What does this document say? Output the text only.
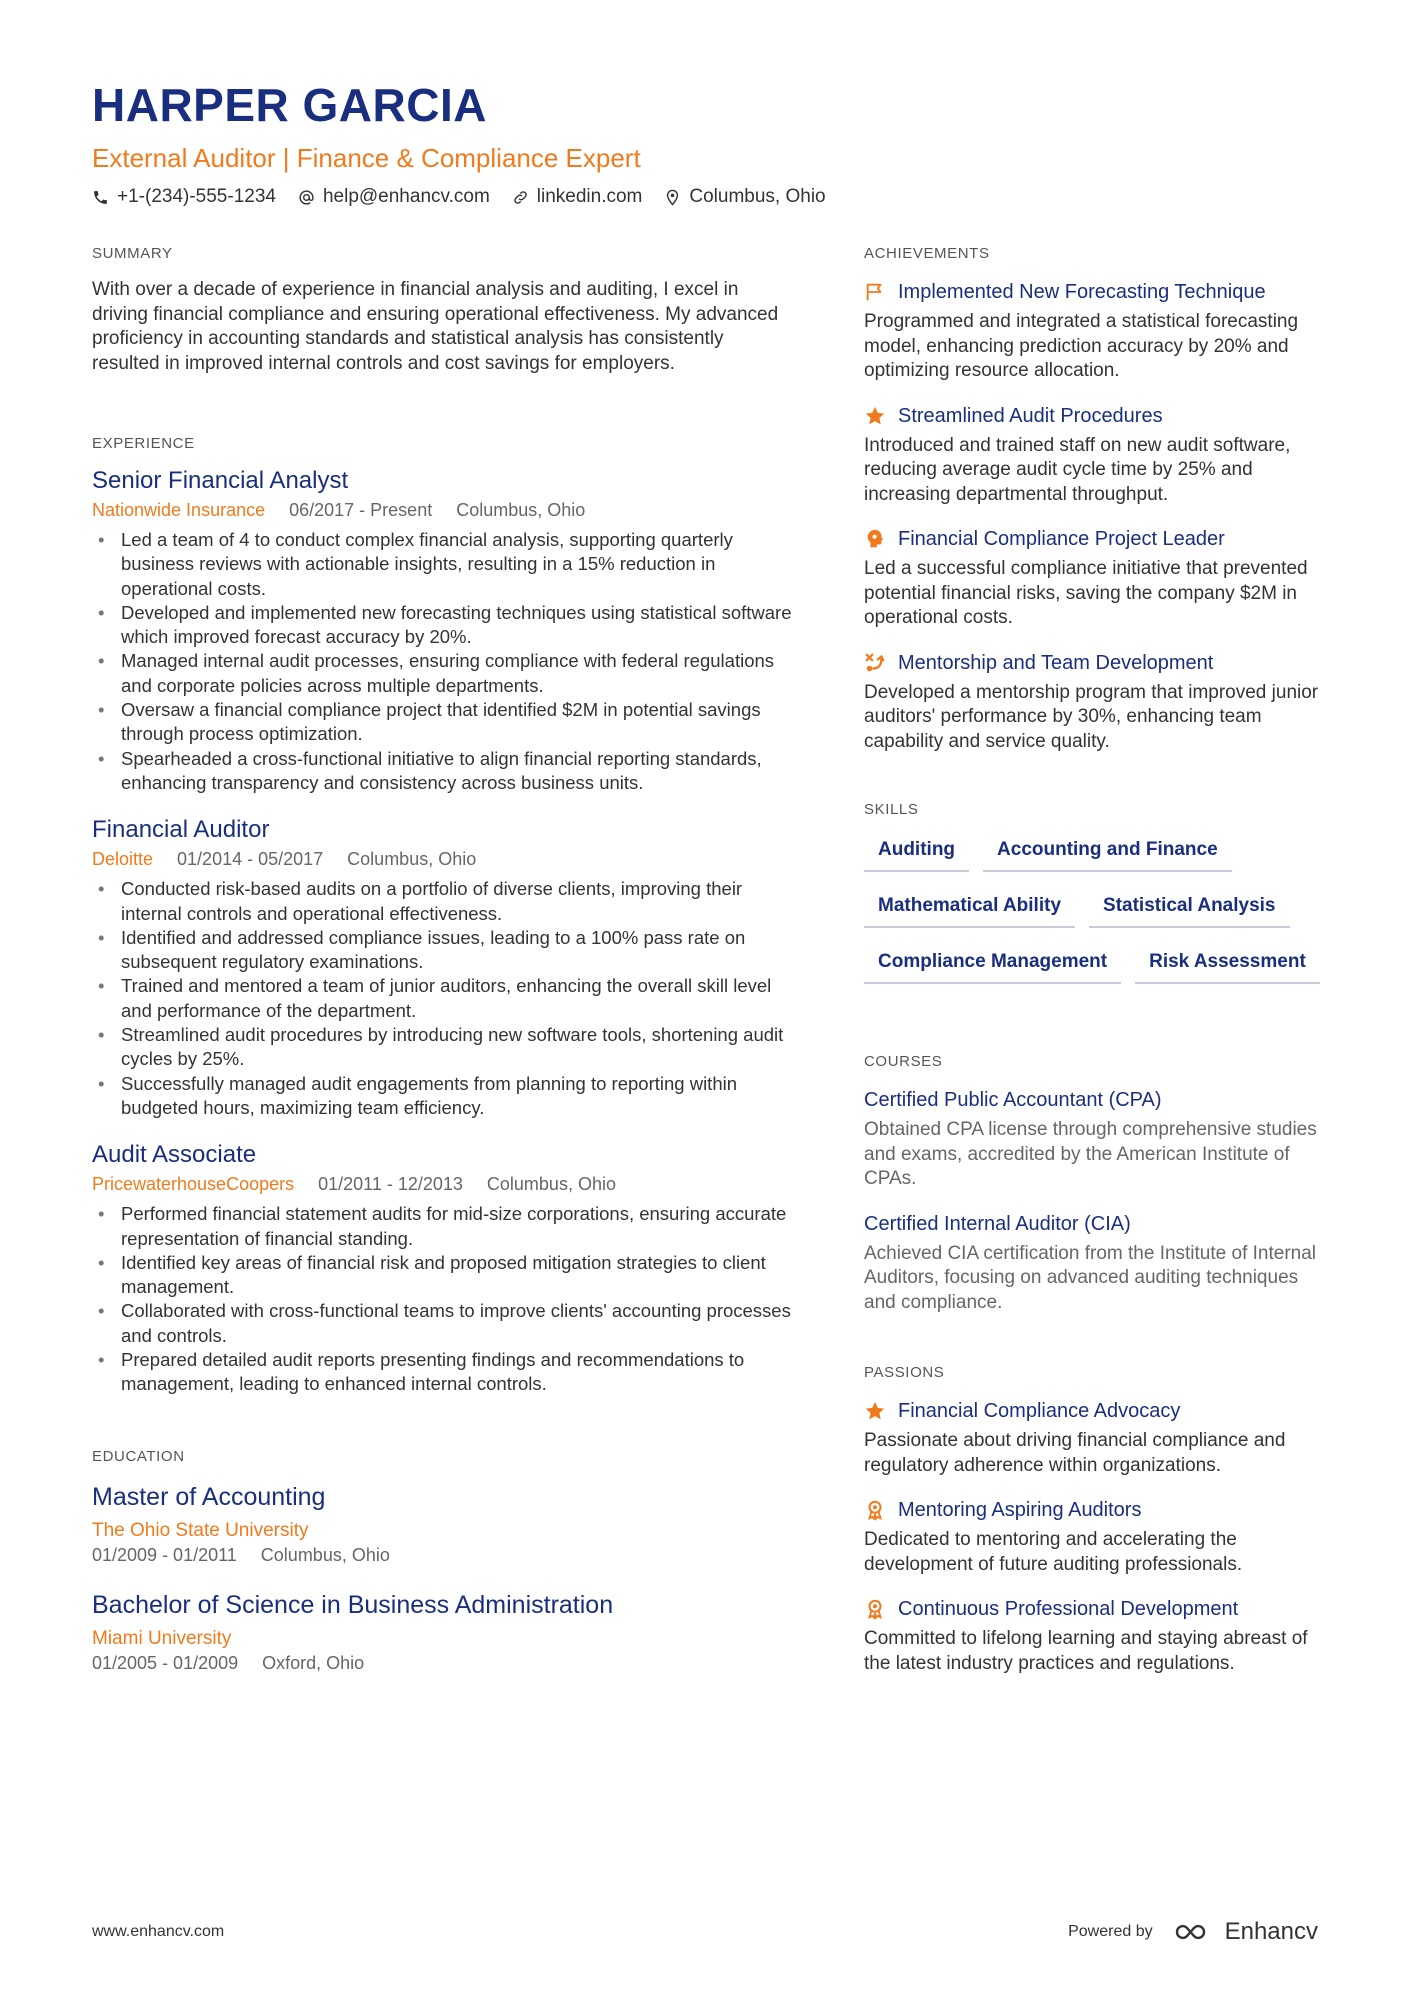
HARPER GARCIA
External Auditor | Finance & Compliance Expert
+1-(234)-555-1234 help@enhancv.com linkedin.com Columbus, Ohio
SUMMARY

With over a decade of experience in financial analysis and auditing, I excel in driving financial compliance and ensuring operational effectiveness. My advanced proficiency in accounting standards and statistical analysis has consistently resulted in improved internal controls and cost savings for employers.

EXPERIENCE
Senior Financial Analyst
Nationwide Insurance 06/2017 - Present Columbus, Ohio
• Led a team of 4 to conduct complex financial analysis, supporting quarterly business reviews with actionable insights, resulting in a 15% reduction in operational costs.
• Developed and implemented new forecasting techniques using statistical software which improved forecast accuracy by 20%.
• Managed internal audit processes, ensuring compliance with federal regulations and corporate policies across multiple departments.
• Oversaw a financial compliance project that identified $2M in potential savings through process optimization.
• Spearheaded a cross-functional initiative to align financial reporting standards, enhancing transparency and consistency across business units.
Financial Auditor
Deloitte 01/2014 - 05/2017 Columbus, Ohio
• Conducted risk-based audits on a portfolio of diverse clients, improving their internal controls and operational effectiveness.
• Identified and addressed compliance issues, leading to a 100% pass rate on subsequent regulatory examinations.
• Trained and mentored a team of junior auditors, enhancing the overall skill level and performance of the department.
• Streamlined audit procedures by introducing new software tools, shortening audit cycles by 25%.
• Successfully managed audit engagements from planning to reporting within budgeted hours, maximizing team efficiency.
Audit Associate
PricewaterhouseCoopers 01/2011 - 12/2013 Columbus, Ohio
• Performed financial statement audits for mid-size corporations, ensuring accurate representation of financial standing.
• Identified key areas of financial risk and proposed mitigation strategies to client management.
• Collaborated with cross-functional teams to improve clients' accounting processes and controls.
• Prepared detailed audit reports presenting findings and recommendations to management, leading to enhanced internal controls.
EDUCATION
Master of Accounting
The Ohio State University
01/2009 - 01/2011 Columbus, Ohio
Bachelor of Science in Business Administration
Miami University
01/2005 - 01/2009 Oxford, Ohio
ACHIEVEMENTS
Implemented New Forecasting Technique
Programmed and integrated a statistical forecasting model, enhancing prediction accuracy by 20% and optimizing resource allocation.
Streamlined Audit Procedures
Introduced and trained staff on new audit software, reducing average audit cycle time by 25% and increasing departmental throughput.
Financial Compliance Project Leader
Led a successful compliance initiative that prevented potential financial risks, saving the company $2M in operational costs.
Mentorship and Team Development
Developed a mentorship program that improved junior auditors' performance by 30%, enhancing team capability and service quality.
SKILLS
Auditing	Accounting and Finance
Mathematical Ability	Statistical Analysis
Compliance Management	Risk Assessment
COURSES
Certified Public Accountant (CPA)
Obtained CPA license through comprehensive studies and exams, accredited by the American Institute of CPAs.
Certified Internal Auditor (CIA)
Achieved CIA certification from the Institute of Internal Auditors, focusing on advanced auditing techniques and compliance.
PASSIONS
Financial Compliance Advocacy
Passionate about driving financial compliance and regulatory adherence within organizations.
Mentoring Aspiring Auditors
Dedicated to mentoring and accelerating the development of future auditing professionals.
Continuous Professional Development
Committed to lifelong learning and staying abreast of the latest industry practices and regulations.
www.enhancv.com	Powered by	Enhancv
